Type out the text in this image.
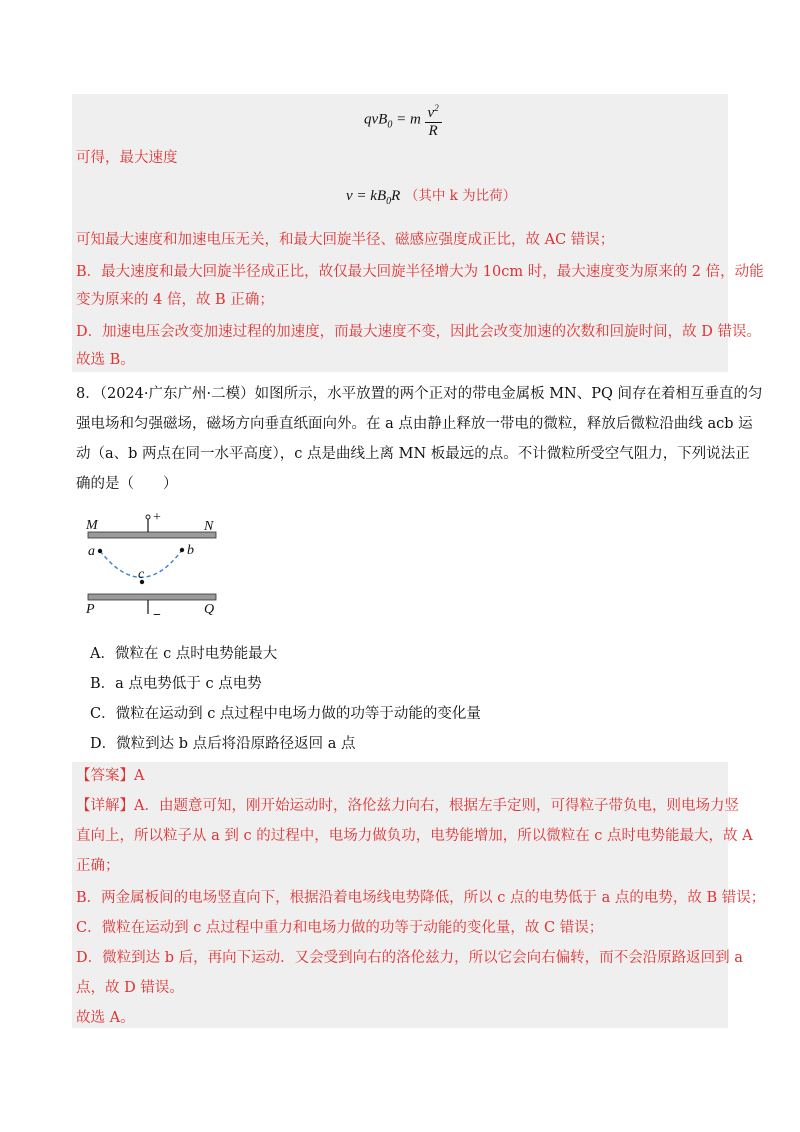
qvB$_0$ = m $\frac{v^2}{R}$
可得，最大速度
$v = kB_0R$ （其中 k 为比荷）
可知最大速度和加速电压无关，和最大回旋半径、磁感应强度成正比，故 AC 错误；
B．最大速度和最大回旋半径成正比，故仅最大回旋半径增大为 10cm 时，最大速度变为原来的 2 倍，动能
变为原来的 4 倍，故 B 正确；
D．加速电压会改变加速过程的加速度，而最大速度不变，因此会改变加速的次数和回旋时间，故 D 错误。
故选 B。
8．（2024·广东广州·二模）如图所示，水平放置的两个正对的带电金属板 MN、PQ 间存在着相互垂直的匀
强电场和匀强磁场，磁场方向垂直纸面向外。在 a 点由静止释放一带电的微粒，释放后微粒沿曲线 acb 运
动（a、b 两点在同一水平高度），c 点是曲线上离 MN 板最远的点。不计微粒所受空气阻力，下列说法正
确的是（　　）
+
M	N
−
P	Q
a	b
c
A．微粒在 c 点时电势能最大
B．a 点电势低于 c 点电势
C．微粒在运动到 c 点过程中电场力做的功等于动能的变化量
D．微粒到达 b 点后将沿原路径返回 a 点
【答案】A
【详解】A．由题意可知，刚开始运动时，洛伦兹力向右，根据左手定则，可得粒子带负电，则电场力竖
直向上，所以粒子从 a 到 c 的过程中，电场力做负功，电势能增加，所以微粒在 c 点时电势能最大，故 A
正确；
B．两金属板间的电场竖直向下，根据沿着电场线电势降低，所以 c 点的电势低于 a 点的电势，故 B 错误；
C．微粒在运动到 c 点过程中重力和电场力做的功等于动能的变化量，故 C 错误；
D．微粒到达 b 后，再向下运动．又会受到向右的洛伦兹力，所以它会向右偏转，而不会沿原路返回到 a
点，故 D 错误。
故选 A。
